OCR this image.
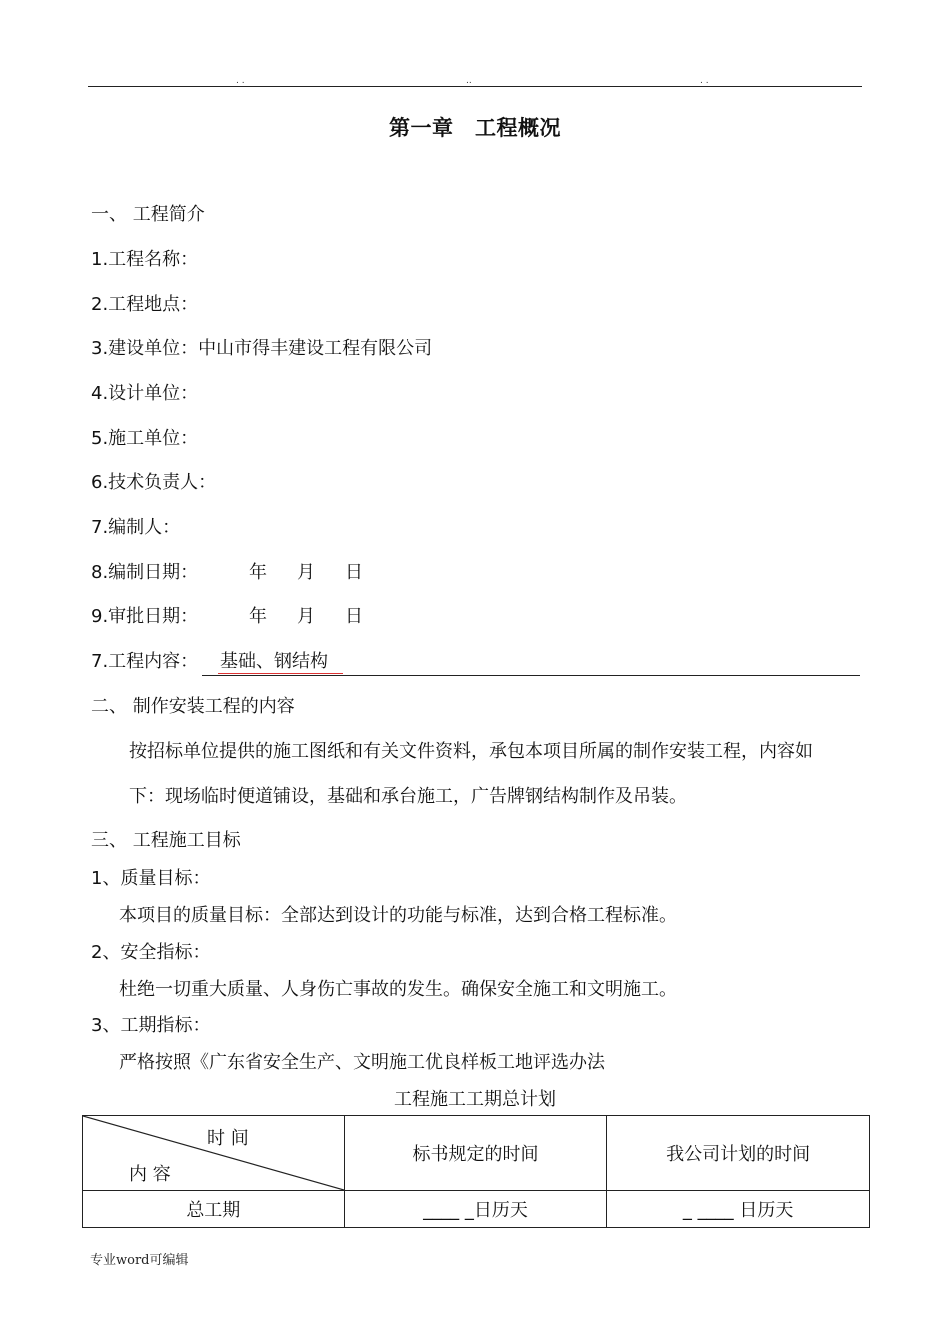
. .	..	. .
第一章　工程概况
一、 工程简介
1.工程名称：
2.工程地点：
3.建设单位：中山市得丰建设工程有限公司
4.设计单位：
5.施工单位：
6.技术负责人：
7.编制人：
8.编制日期：	年 月 日
9.审批日期：	年 月 日
7.工程内容： 基础、钢结构
二、 制作安装工程的内容
按招标单位提供的施工图纸和有关文件资料，承包本项目所属的制作安装工程，内容如
下：现场临时便道铺设，基础和承台施工，广告牌钢结构制作及吊装。
三、 工程施工目标
1、质量目标：
本项目的质量目标：全部达到设计的功能与标准，达到合格工程标准。
2、安全指标：
杜绝一切重大质量、人身伤亡事故的发生。确保安全施工和文明施工。
3、工期指标：
严格按照《广东省安全生产、文明施工优良样板工地评选办法
工程施工工期总计划
时 间
内 容	标书规定的时间	我公司计划的时间
总工期	____ _日历天	_ ____ 日历天
专业word可编辑
